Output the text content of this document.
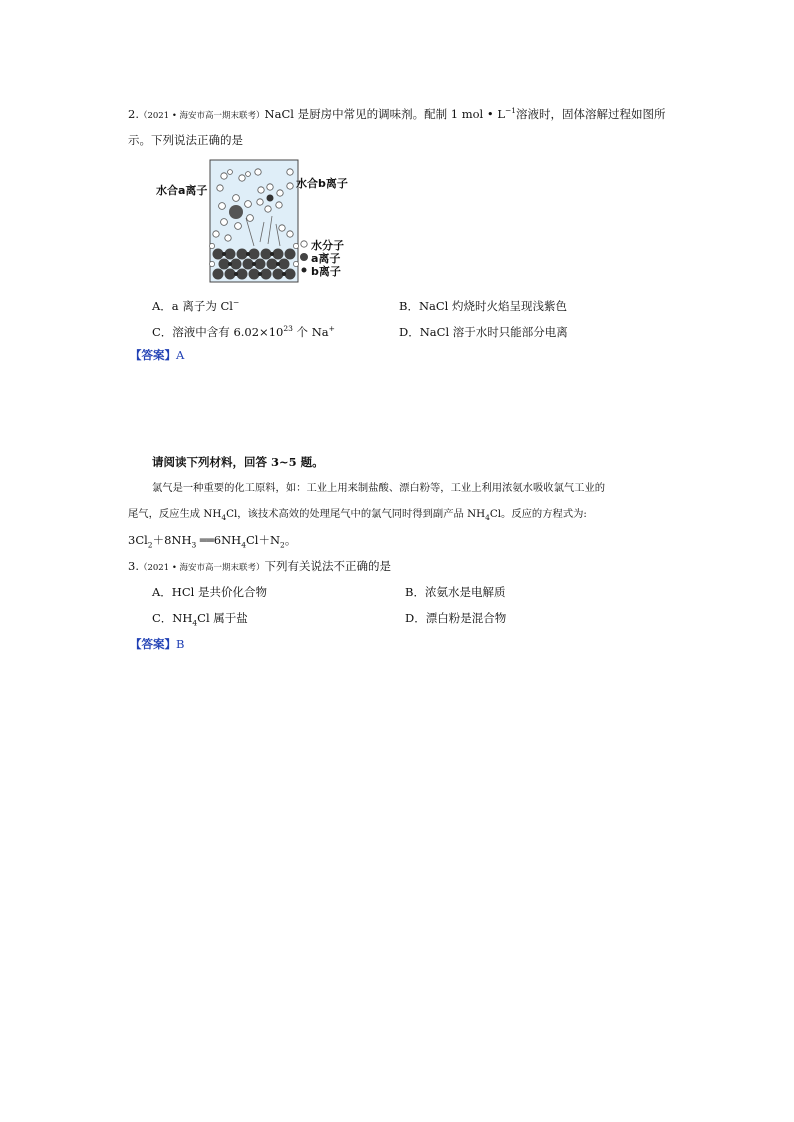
2.（2021 • 海安市高一期末联考）NaCl 是厨房中常见的调味剂。配制 1 mol • $L^{-1}$溶液时，固体溶解过程如图所
示。下列说法正确的是
水合a离子
水合b离子
水分子
a离子
b离子
A．a 离子为 Cl−	B．NaCl 灼烧时火焰呈现浅紫色
C．溶液中含有 $6.02\times 10^{23}$ 个 Na+	D．NaCl 溶于水时只能部分电离
【答案】A
请阅读下列材料，回答 3~5 题。
氯气是一种重要的化工原料，如：工业上用来制盐酸、漂白粉等，工业上利用浓氨水吸收氯气工业的
尾气，反应生成 $NH_4Cl$，该技术高效的处理尾气中的氯气同时得到副产品 $NH_4Cl$。反应的方程式为:
$3Cl_2+8NH_3$ $══6NH_4Cl+N_2$。
3.（2021 • 海安市高一期末联考）下列有关说法不正确的是
A．HCl 是共价化合物	B．浓氨水是电解质
C．$NH_4Cl$ 属于盐	D．漂白粉是混合物
【答案】B
